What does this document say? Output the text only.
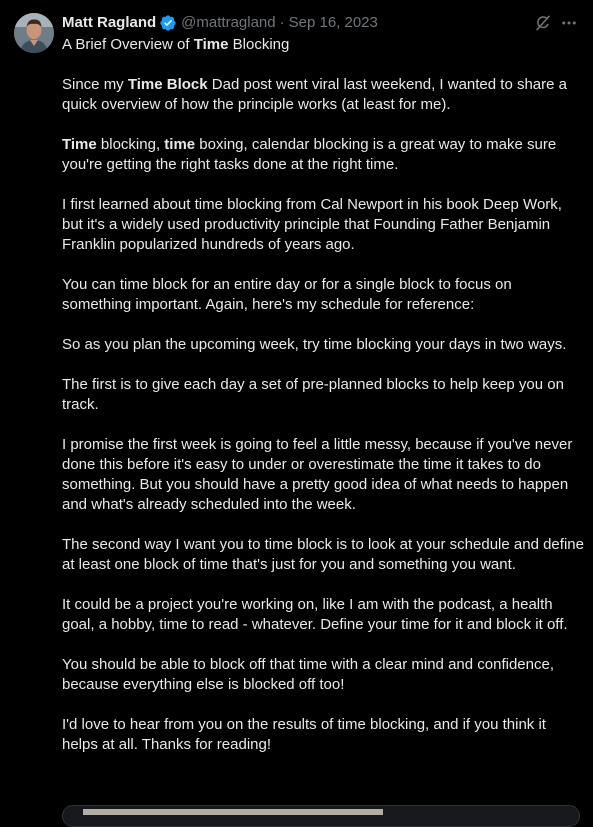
Matt Ragland @mattragland · Sep 16, 2023

A Brief Overview of Time Blocking

Since my Time Block Dad post went viral last weekend, I wanted to share a quick overview of how the principle works (at least for me).

Time blocking, time boxing, calendar blocking is a great way to make sure you're getting the right tasks done at the right time.

I first learned about time blocking from Cal Newport in his book Deep Work, but it's a widely used productivity principle that Founding Father Benjamin Franklin popularized hundreds of years ago.

You can time block for an entire day or for a single block to focus on something important. Again, here's my schedule for reference:

So as you plan the upcoming week, try time blocking your days in two ways.

The first is to give each day a set of pre-planned blocks to help keep you on track.

I promise the first week is going to feel a little messy, because if you've never done this before it's easy to under or overestimate the time it takes to do something. But you should have a pretty good idea of what needs to happen and what's already scheduled into the week.

The second way I want you to time block is to look at your schedule and define at least one block of time that's just for you and something you want.

It could be a project you're working on, like I am with the podcast, a health goal, a hobby, time to read - whatever. Define your time for it and block it off.

You should be able to block off that time with a clear mind and confidence, because everything else is blocked off too!

I'd love to hear from you on the results of time blocking, and if you think it helps at all. Thanks for reading!
